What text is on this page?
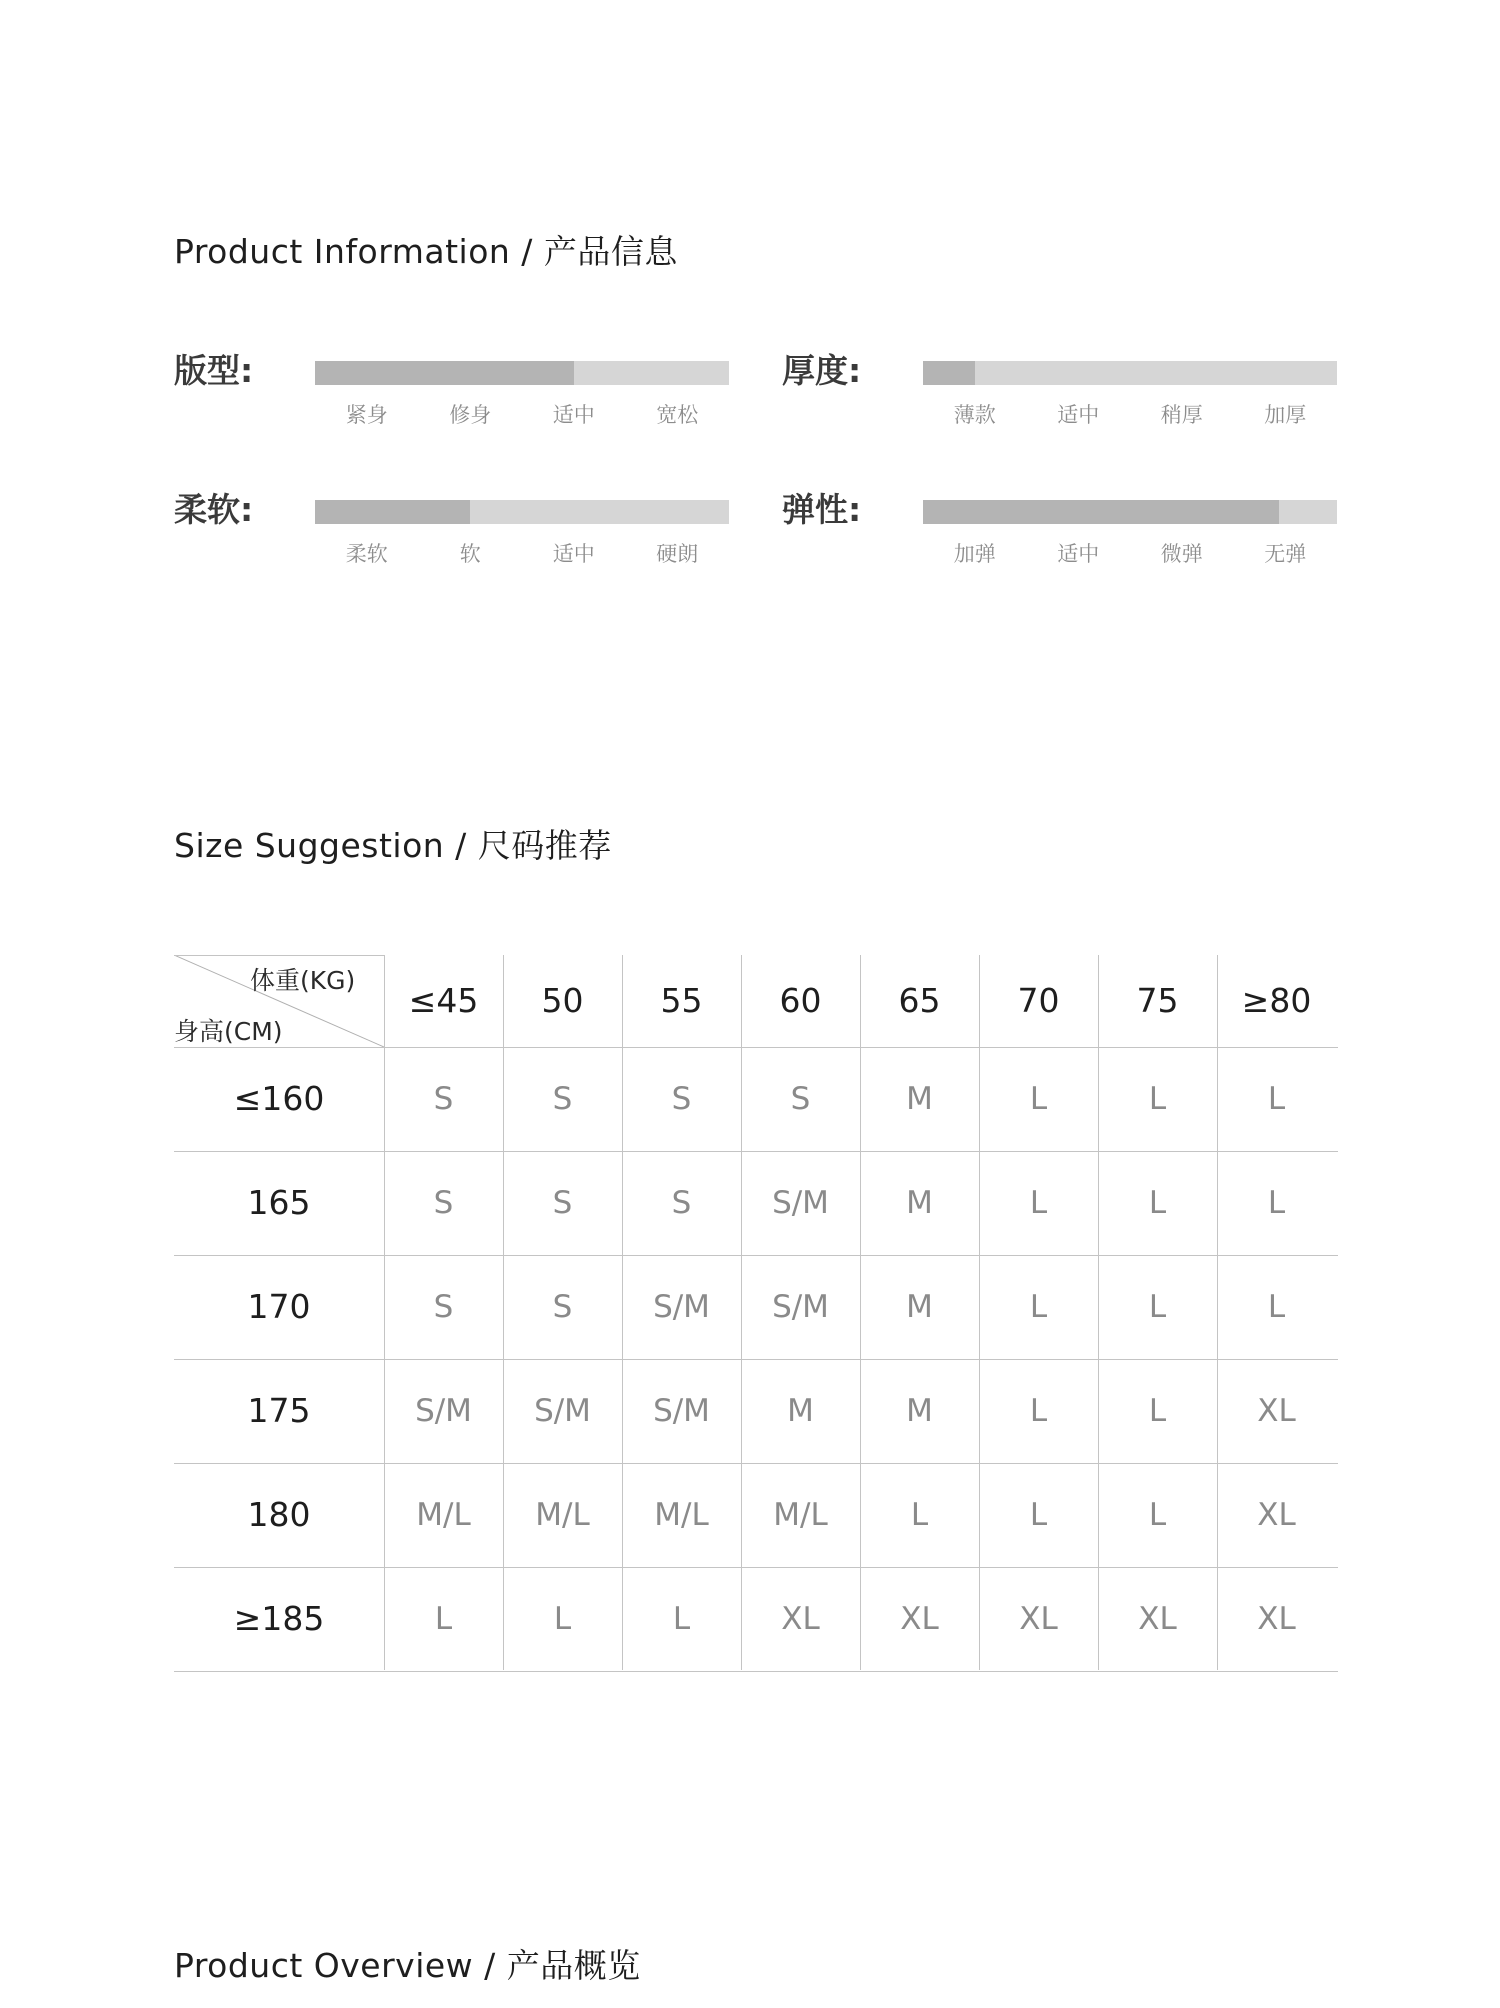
Product Information / 产品信息
版型:
紧身	修身	适中	宽松
厚度:
薄款	适中	稍厚	加厚
柔软:
柔软	软	适中	硬朗
弹性:
加弹	适中	微弹	无弹
Size Suggestion / 尺码推荐
体重(KG)
身高(CM)
≤45	50	55	60	65	70	75	≥80
≤160	S	S	S	S	M	L	L	L
165	S	S	S	S/M	M	L	L	L
170	S	S	S/M	S/M	M	L	L	L
175	S/M	S/M	S/M	M	M	L	L	XL
180	M/L	M/L	M/L	M/L	L	L	L	XL
≥185	L	L	L	XL	XL	XL	XL	XL
Product Overview / 产品概览
